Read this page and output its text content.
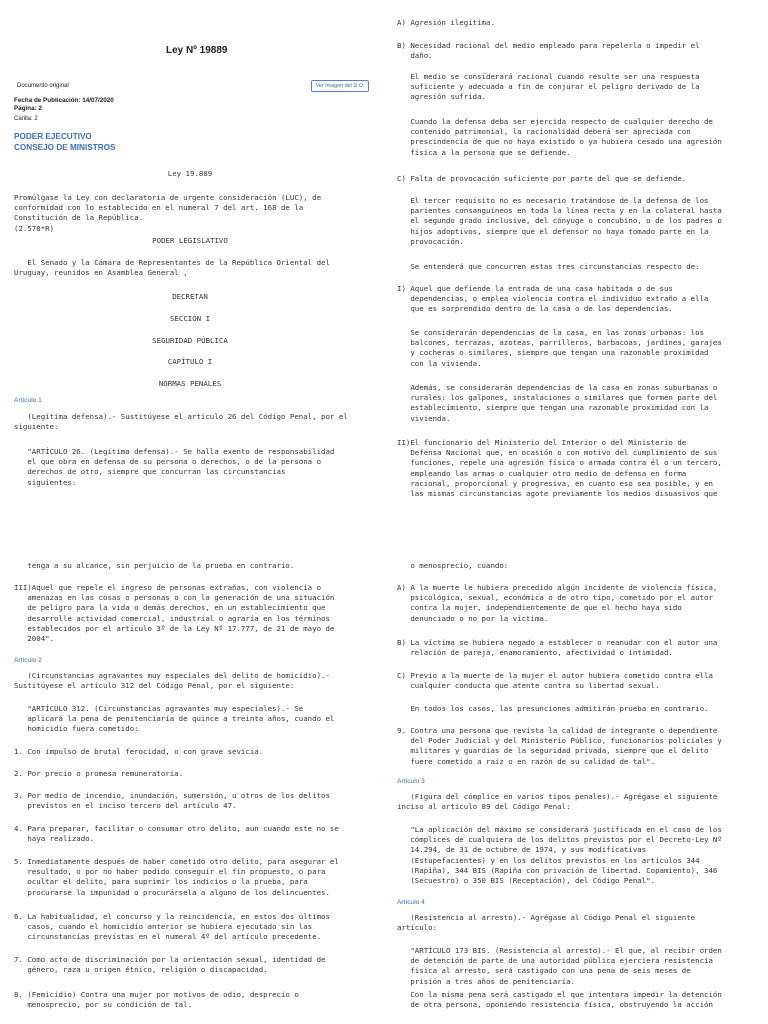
Ley Nº 19889
Documento original	Ver Imagen del D.O.
Fecha de Publicación: 14/07/2020
Página: 2
Carilla: 2
PODER EJECUTIVO
CONSEJO DE MINISTROS

Ley 19.889

Promúlgase la Ley con declaratoria de urgente consideración (LUC), de
conformidad con lo establecido en el numeral 7 del art. 168 de la
Constitución de la República.
(2.570*R)

PODER LEGISLATIVO

El Senado y la Cámara de Representantes de la República Oriental del
Uruguay, reunidos en Asamblea General ,

DECRETAN

SECCIÓN I

SEGURIDAD PÚBLICA

CAPÍTULO I

NORMAS PENALES

Artículo 1

(Legítima defensa).- Sustitúyese el artículo 26 del Código Penal, por el
siguiente:

"ARTÍCULO 26. (Legítima defensa).- Se halla exento de responsabilidad
el que obra en defensa de su persona o derechos, o de la persona o
derechos de otro, siempre que concurran las circunstancias
siguientes:

A) Agresión ilegítima.

B) Necesidad racional del medio empleado para repelerla o impedir el
daño.

El medio se considerará racional cuando resulte ser una respuesta
suficiente y adecuada a fin de conjurar el peligro derivado de la
agresión sufrida.

Cuando la defensa deba ser ejercida respecto de cualquier derecho de
contenido patrimonial, la racionalidad deberá ser apreciada con
prescindencia de que no haya existido o ya hubiera cesado una agresión
física a la persona que se defiende.

C) Falta de provocación suficiente por parte del que se defiende.

El tercer requisito no es necesario tratándose de la defensa de los
parientes consanguíneos en toda la línea recta y en la colateral hasta
el segundo grado inclusive, del cónyuge o concubino, o de los padres o
hijos adoptivos, siempre que el defensor no haya tomado parte en la
provocación.

Se entenderá que concurren estas tres circunstancias respecto de:

I) Aquel que defiende la entrada de una casa habitada o de sus
dependencias, o emplea violencia contra el individuo extraño a ella
que es sorprendido dentro de la casa o de las dependencias.

Se considerarán dependencias de la casa, en las zonas urbanas: los
balcones, terrazas, azoteas, parrilleros, barbacoas, jardines, garajes
y cocheras o similares, siempre que tengan una razonable proximidad
con la vivienda.

Además, se considerarán dependencias de la casa en zonas suburbanas o
rurales: los galpones, instalaciones o similares que formen parte del
establecimiento, siempre que tengan una razonable proximidad con la
vivienda.

II)El funcionario del Ministerio del Interior o del Ministerio de
Defensa Nacional que, en ocasión o con motivo del cumplimiento de sus
funciones, repele una agresión física o armada contra él o un tercero,
empleando las armas o cualquier otro medio de defensa en forma
racional, proporcional y progresiva, en cuanto eso sea posible, y en
las mismas circunstancias agote previamente los medios disuasivos que

tenga a su alcance, sin perjuicio de la prueba en contrario.

III)Aquel que repele el ingreso de personas extrañas, con violencia o
amenazas en las cosas o personas o con la generación de una situación
de peligro para la vida o demás derechos, en un establecimiento que
desarrolle actividad comercial, industrial o agraria en los términos
establecidos por el artículo 3º de la Ley Nº 17.777, de 21 de mayo de
2004".

Artículo 2

(Circunstancias agravantes muy especiales del delito de homicidio).-
Sustitúyese el artículo 312 del Código Penal, por el siguiente:

"ARTÍCULO 312. (Circunstancias agravantes muy especiales).- Se
aplicará la pena de penitenciaría de quince a treinta años, cuando el
homicidio fuera cometido:

1. Con impulso de brutal ferocidad, o con grave sevicia.

2. Por precio o promesa remuneratoria.

3. Por medio de incendio, inundación, sumersión, u otros de los delitos
previstos en el inciso tercero del artículo 47.

4. Para preparar, facilitar o consumar otro delito, aun cuando este no se
haya realizado.

5. Inmediatamente después de haber cometido otro delito, para asegurar el
resultado, o por no haber podido conseguir el fin propuesto, o para
ocultar el delito, para suprimir los indicios o la prueba, para
procurarse la impunidad o procurársela a alguno de los delincuentes.

6. La habitualidad, el concurso y la reincidencia, en estos dos últimos
casos, cuando el homicidio anterior se hubiera ejecutado sin las
circunstancias previstas en el numeral 4º del artículo precedente.

7. Como acto de discriminación por la orientación sexual, identidad de
género, raza u origen étnico, religión o discapacidad.

8. (Femicidio) Contra una mujer por motivos de odio, desprecio o
menosprecio, por su condición de tal.

o menosprecio, cuando:

A) A la muerte le hubiera precedido algún incidente de violencia física,
psicológica, sexual, económica o de otro tipo, cometido por el autor
contra la mujer, independientemente de que el hecho haya sido
denunciado o no por la víctima.

B) La víctima se hubiera negado a establecer o reanudar con el autor una
relación de pareja, enamoramiento, afectividad o intimidad.

C) Previo a la muerte de la mujer el autor hubiera cometido contra ella
cualquier conducta que atente contra su libertad sexual.

En todos los casos, las presunciones admitirán prueba en contrario.

9. Contra una persona que revista la calidad de integrante o dependiente
del Poder Judicial y del Ministerio Público, funcionarios policiales y
militares y guardias de la seguridad privada, siempre que el delito
fuere cometido a raíz o en razón de su calidad de tal".

Artículo 3

(Figura del cómplice en varios tipos penales).- Agrégase el siguiente
inciso al artículo 89 del Código Penal:

"La aplicación del máximo se considerará justificada en el caso de los
cómplices de cualquiera de los delitos previstos por el Decreto-Ley Nº
14.294, de 31 de octubre de 1974, y sus modificativas
(Estupefacientes) y en los delitos previstos en los artículos 344
(Rapiña), 344 BIS (Rapiña con privación de libertad. Copamiento), 346
(Secuestro) o 350 BIS (Receptación), del Código Penal".

Artículo 4

(Resistencia al arresto).- Agrégase al Código Penal el siguiente
artículo:

"ARTÍCULO 173 BIS. (Resistencia al arresto).- El que, al recibir orden
de detención de parte de una autoridad pública ejerciera resistencia
física al arresto, será castigado con una pena de seis meses de
prisión a tres años de penitenciaría.

Con la misma pena será castigado el que intentara impedir la detención
de otra persona, oponiendo resistencia física, obstruyendo la acción
